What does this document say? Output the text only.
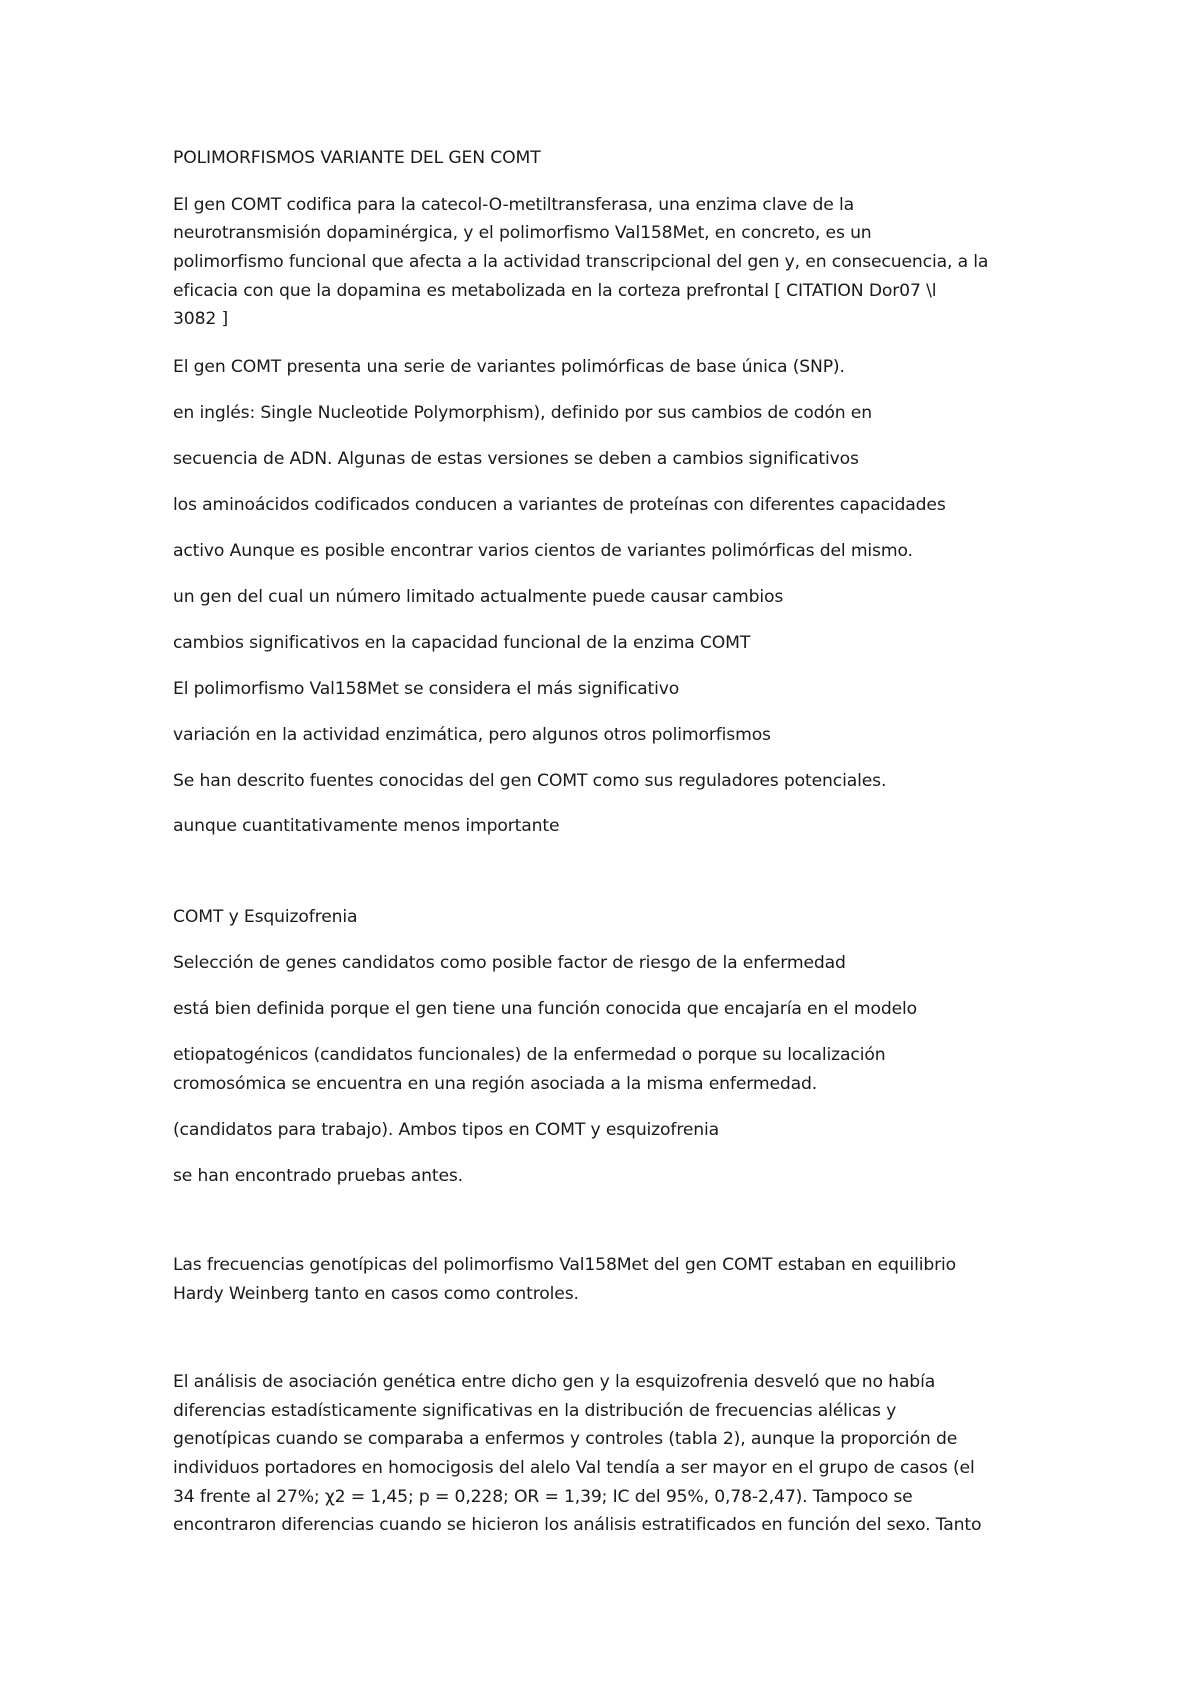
POLIMORFISMOS VARIANTE DEL GEN COMT
El gen COMT codifica para la catecol-O-metiltransferasa, una enzima clave de la
neurotransmisión dopaminérgica, y el polimorfismo Val158Met, en concreto, es un
polimorfismo funcional que afecta a la actividad transcripcional del gen y, en consecuencia, a la
eficacia con que la dopamina es metabolizada en la corteza prefrontal [ CITATION Dor07 \l
3082 ]
El gen COMT presenta una serie de variantes polimórficas de base única (SNP).
en inglés: Single Nucleotide Polymorphism), definido por sus cambios de codón en
secuencia de ADN. Algunas de estas versiones se deben a cambios significativos
los aminoácidos codificados conducen a variantes de proteínas con diferentes capacidades
activo Aunque es posible encontrar varios cientos de variantes polimórficas del mismo.
un gen del cual un número limitado actualmente puede causar cambios
cambios significativos en la capacidad funcional de la enzima COMT
El polimorfismo Val158Met se considera el más significativo
variación en la actividad enzimática, pero algunos otros polimorfismos
Se han descrito fuentes conocidas del gen COMT como sus reguladores potenciales.
aunque cuantitativamente menos importante
COMT y Esquizofrenia
Selección de genes candidatos como posible factor de riesgo de la enfermedad
está bien definida porque el gen tiene una función conocida que encajaría en el modelo
etiopatogénicos (candidatos funcionales) de la enfermedad o porque su localización
cromosómica se encuentra en una región asociada a la misma enfermedad.
(candidatos para trabajo). Ambos tipos en COMT y esquizofrenia
se han encontrado pruebas antes.
Las frecuencias genotípicas del polimorfismo Val158Met del gen COMT estaban en equilibrio
Hardy Weinberg tanto en casos como controles.
El análisis de asociación genética entre dicho gen y la esquizofrenia desveló que no había
diferencias estadísticamente significativas en la distribución de frecuencias alélicas y
genotípicas cuando se comparaba a enfermos y controles (tabla 2), aunque la proporción de
individuos portadores en homocigosis del alelo Val tendía a ser mayor en el grupo de casos (el
34 frente al 27%; χ2 = 1,45; p = 0,228; OR = 1,39; IC del 95%, 0,78-2,47). Tampoco se
encontraron diferencias cuando se hicieron los análisis estratificados en función del sexo. Tanto
